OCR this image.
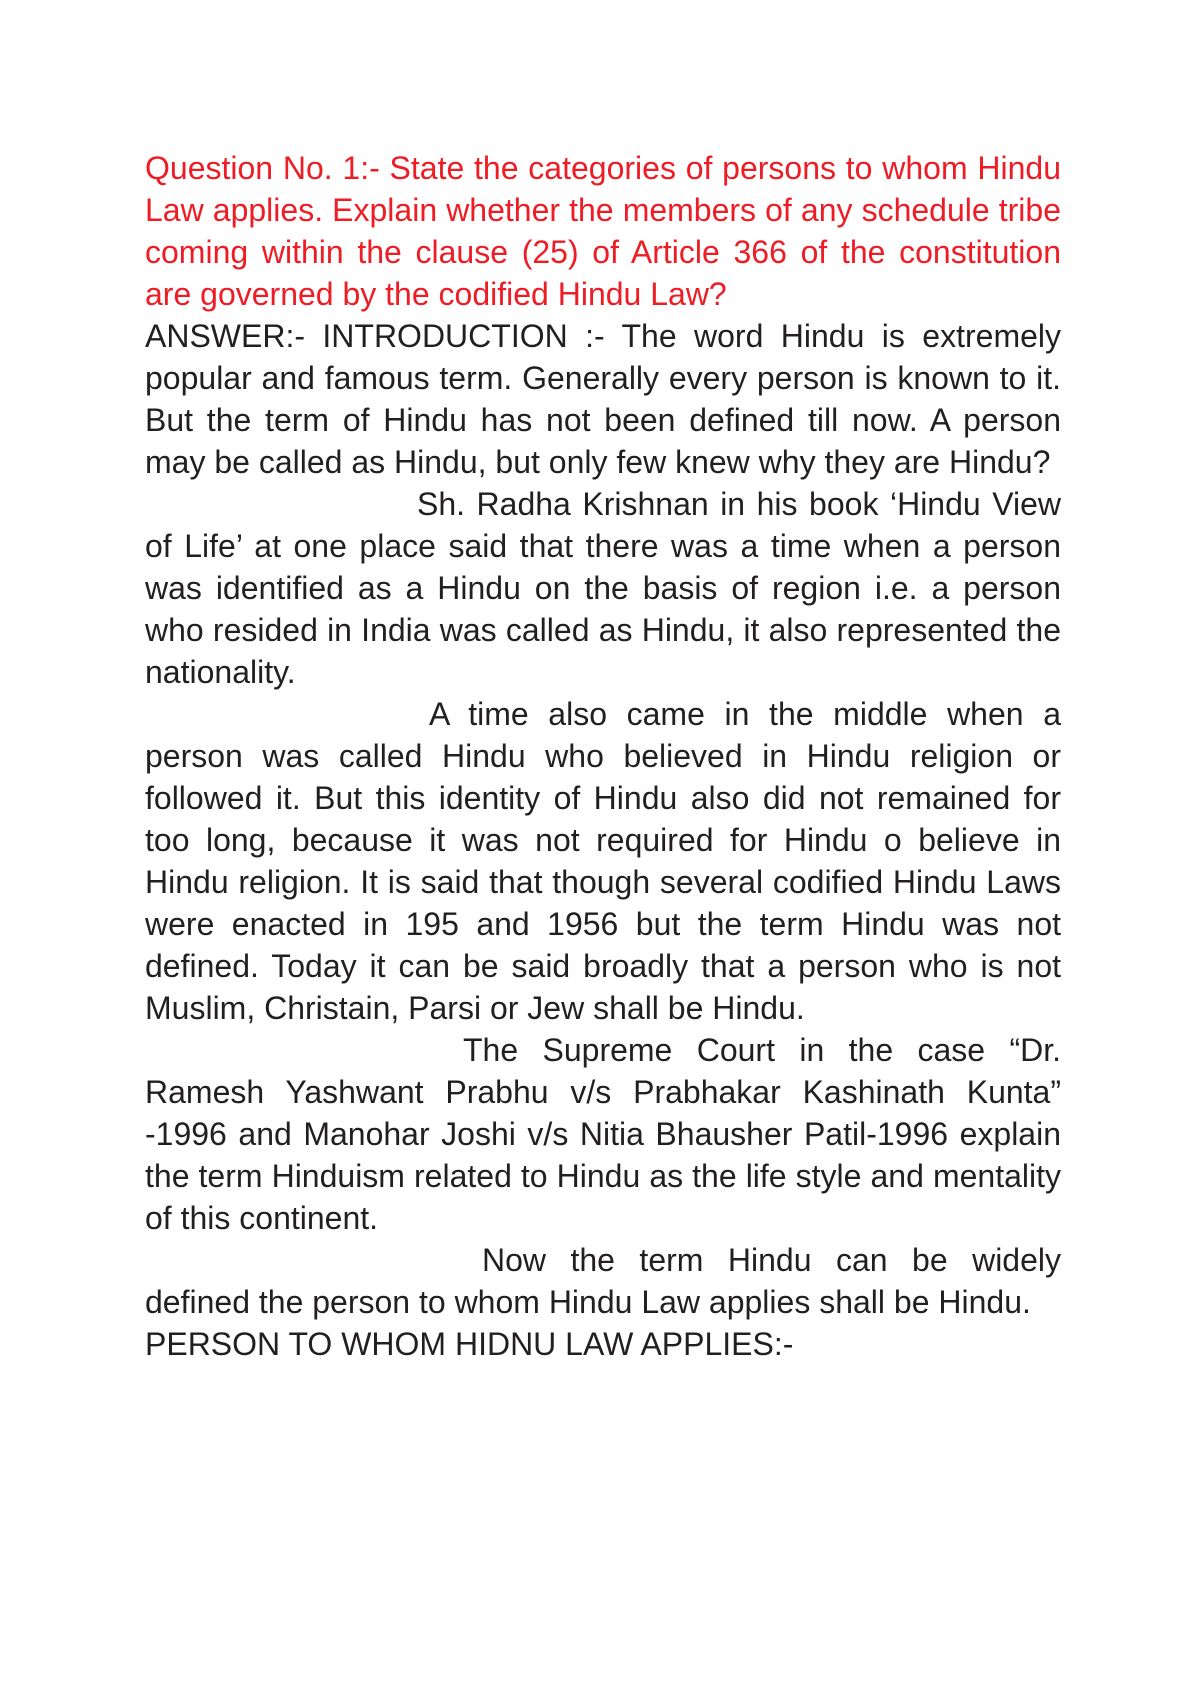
Question No. 1:- State the categories of persons to whom Hindu Law applies. Explain whether the members of any schedule tribe coming within the clause (25) of Article 366 of the constitution are governed by the codified Hindu Law?

ANSWER:- INTRODUCTION :- The word Hindu is extremely popular and famous term. Generally every person is known to it. But the term of Hindu has not been defined till now. A person may be called as Hindu, but only few knew why they are Hindu?

Sh. Radha Krishnan in his book ‘Hindu View of Life’ at one place said that there was a time when a person was identified as a Hindu on the basis of region i.e. a person who resided in India was called as Hindu, it also represented the nationality.

A time also came in the middle when a person was called Hindu who believed in Hindu religion or followed it. But this identity of Hindu also did not remained for too long, because it was not required for Hindu o believe in Hindu religion. It is said that though several codified Hindu Laws were enacted in 195 and 1956 but the term Hindu was not defined. Today it can be said broadly that a person who is not Muslim, Christain, Parsi or Jew shall be Hindu.

The Supreme Court in the case “Dr. Ramesh Yashwant Prabhu v/s Prabhakar Kashinath Kunta” -1996 and Manohar Joshi v/s Nitia Bhausher Patil-1996 explain the term Hinduism related to Hindu as the life style and mentality of this continent.

Now the term Hindu can be widely defined the person to whom Hindu Law applies shall be Hindu.

PERSON TO WHOM HIDNU LAW APPLIES:-
